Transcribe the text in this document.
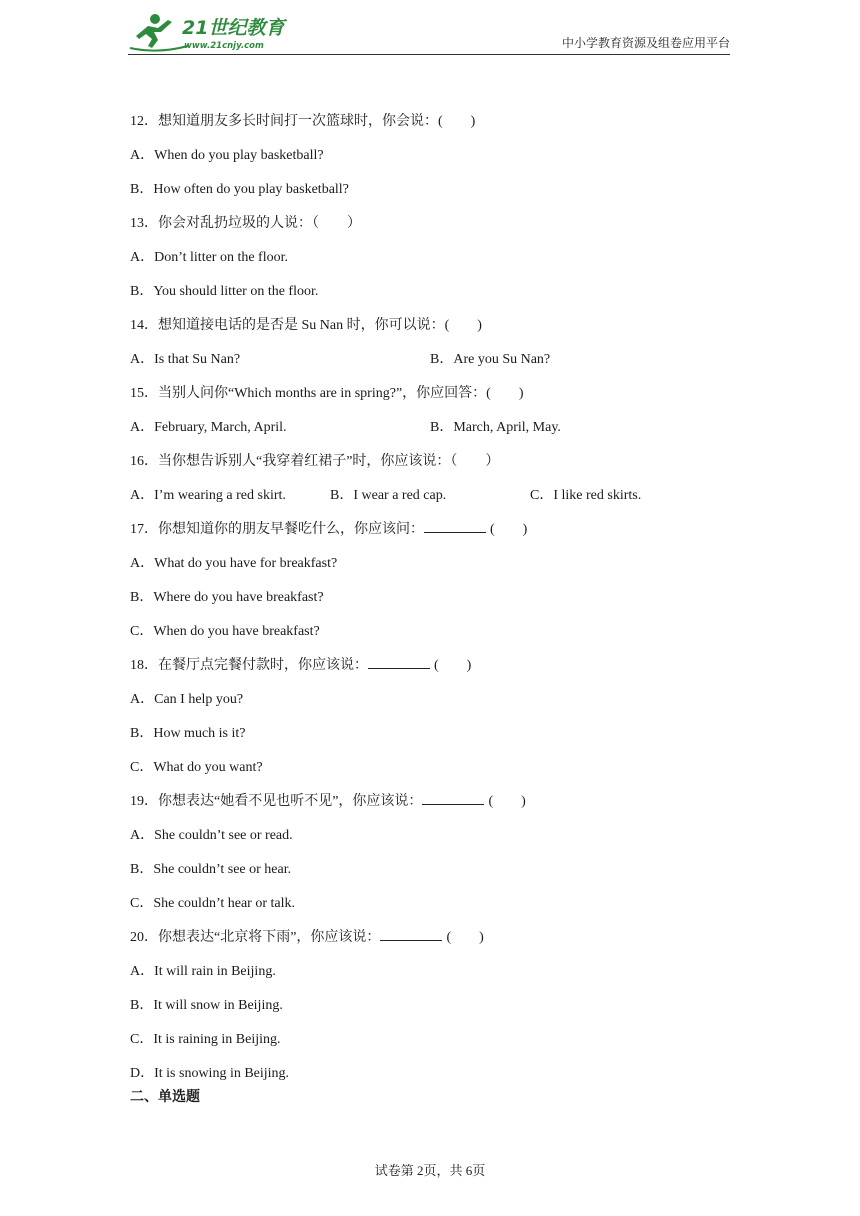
21世纪教育
www.21cnjy.com	中小学教育资源及组卷应用平台
12．想知道朋友多长时间打一次篮球时，你会说：(　　)
A．When do you play basketball?
B．How often do you play basketball?
13．你会对乱扔垃圾的人说：（　　）
A．Don’t litter on the floor.
B．You should litter on the floor.
14．想知道接电话的是否是 Su Nan 时，你可以说：(　　)
A．Is that Su Nan?	B．Are you Su Nan?
15．当别人问你“Which months are in spring?”，你应回答：(　　)
A．February, March, April.	B．March, April, May.
16．当你想告诉别人“我穿着红裙子”时，你应该说：（　　）
A．I’m wearing a red skirt.	B．I wear a red cap.	C．I like red skirts.
17．你想知道你的朋友早餐吃什么，你应该问：	(　　)
A．What do you have for breakfast?
B．Where do you have breakfast?
C．When do you have breakfast?
18．在餐厅点完餐付款时，你应该说：	(　　)
A．Can I help you?
B．How much is it?
C．What do you want?
19．你想表达“她看不见也听不见”，你应该说：	(　　)
A．She couldn’t see or read.
B．She couldn’t see or hear.
C．She couldn’t hear or talk.
20．你想表达“北京将下雨”，你应该说：	(　　)
A．It will rain in Beijing.
B．It will snow in Beijing.
C．It is raining in Beijing.
D．It is snowing in Beijing.
二、单选题
试卷第 2页，共 6页
